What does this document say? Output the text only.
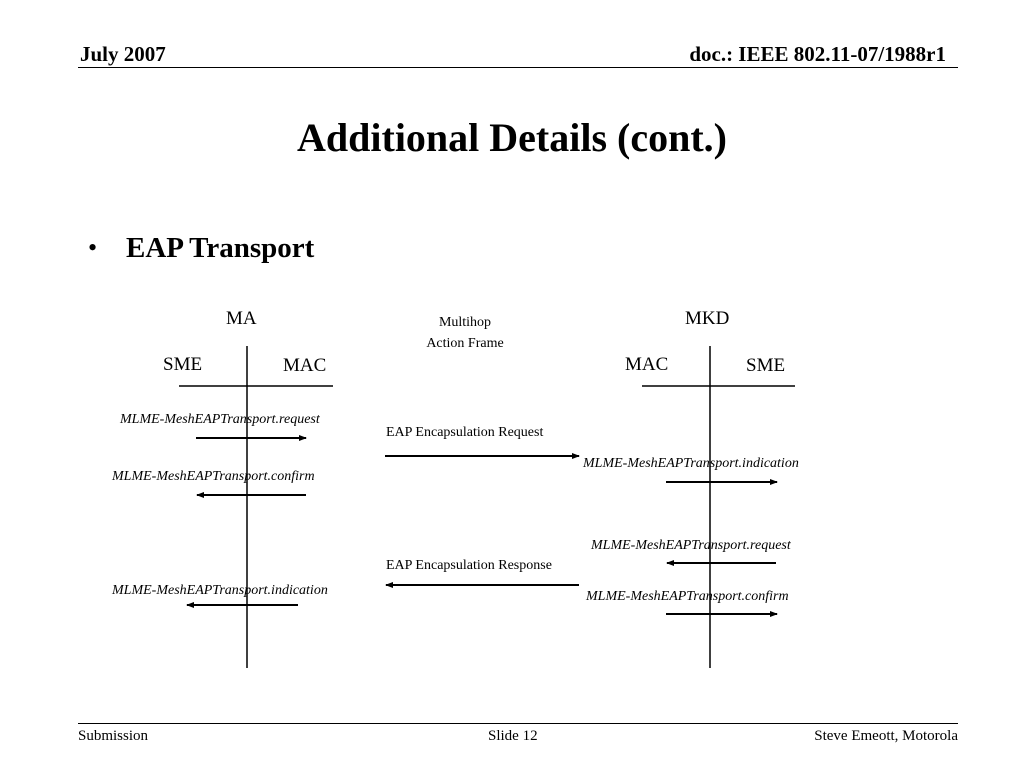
July 2007	doc.: IEEE 802.11-07/1988r1
Additional Details (cont.)
• EAP Transport
MA
SME	MAC
MKD
MAC	SME
Multihop
Action Frame
MLME-MeshEAPTransport.request
MLME-MeshEAPTransport.confirm
MLME-MeshEAPTransport.indication
EAP Encapsulation Request
EAP Encapsulation Response
MLME-MeshEAPTransport.indication
MLME-MeshEAPTransport.request
MLME-MeshEAPTransport.confirm
Submission	Slide 12	Steve Emeott, Motorola
